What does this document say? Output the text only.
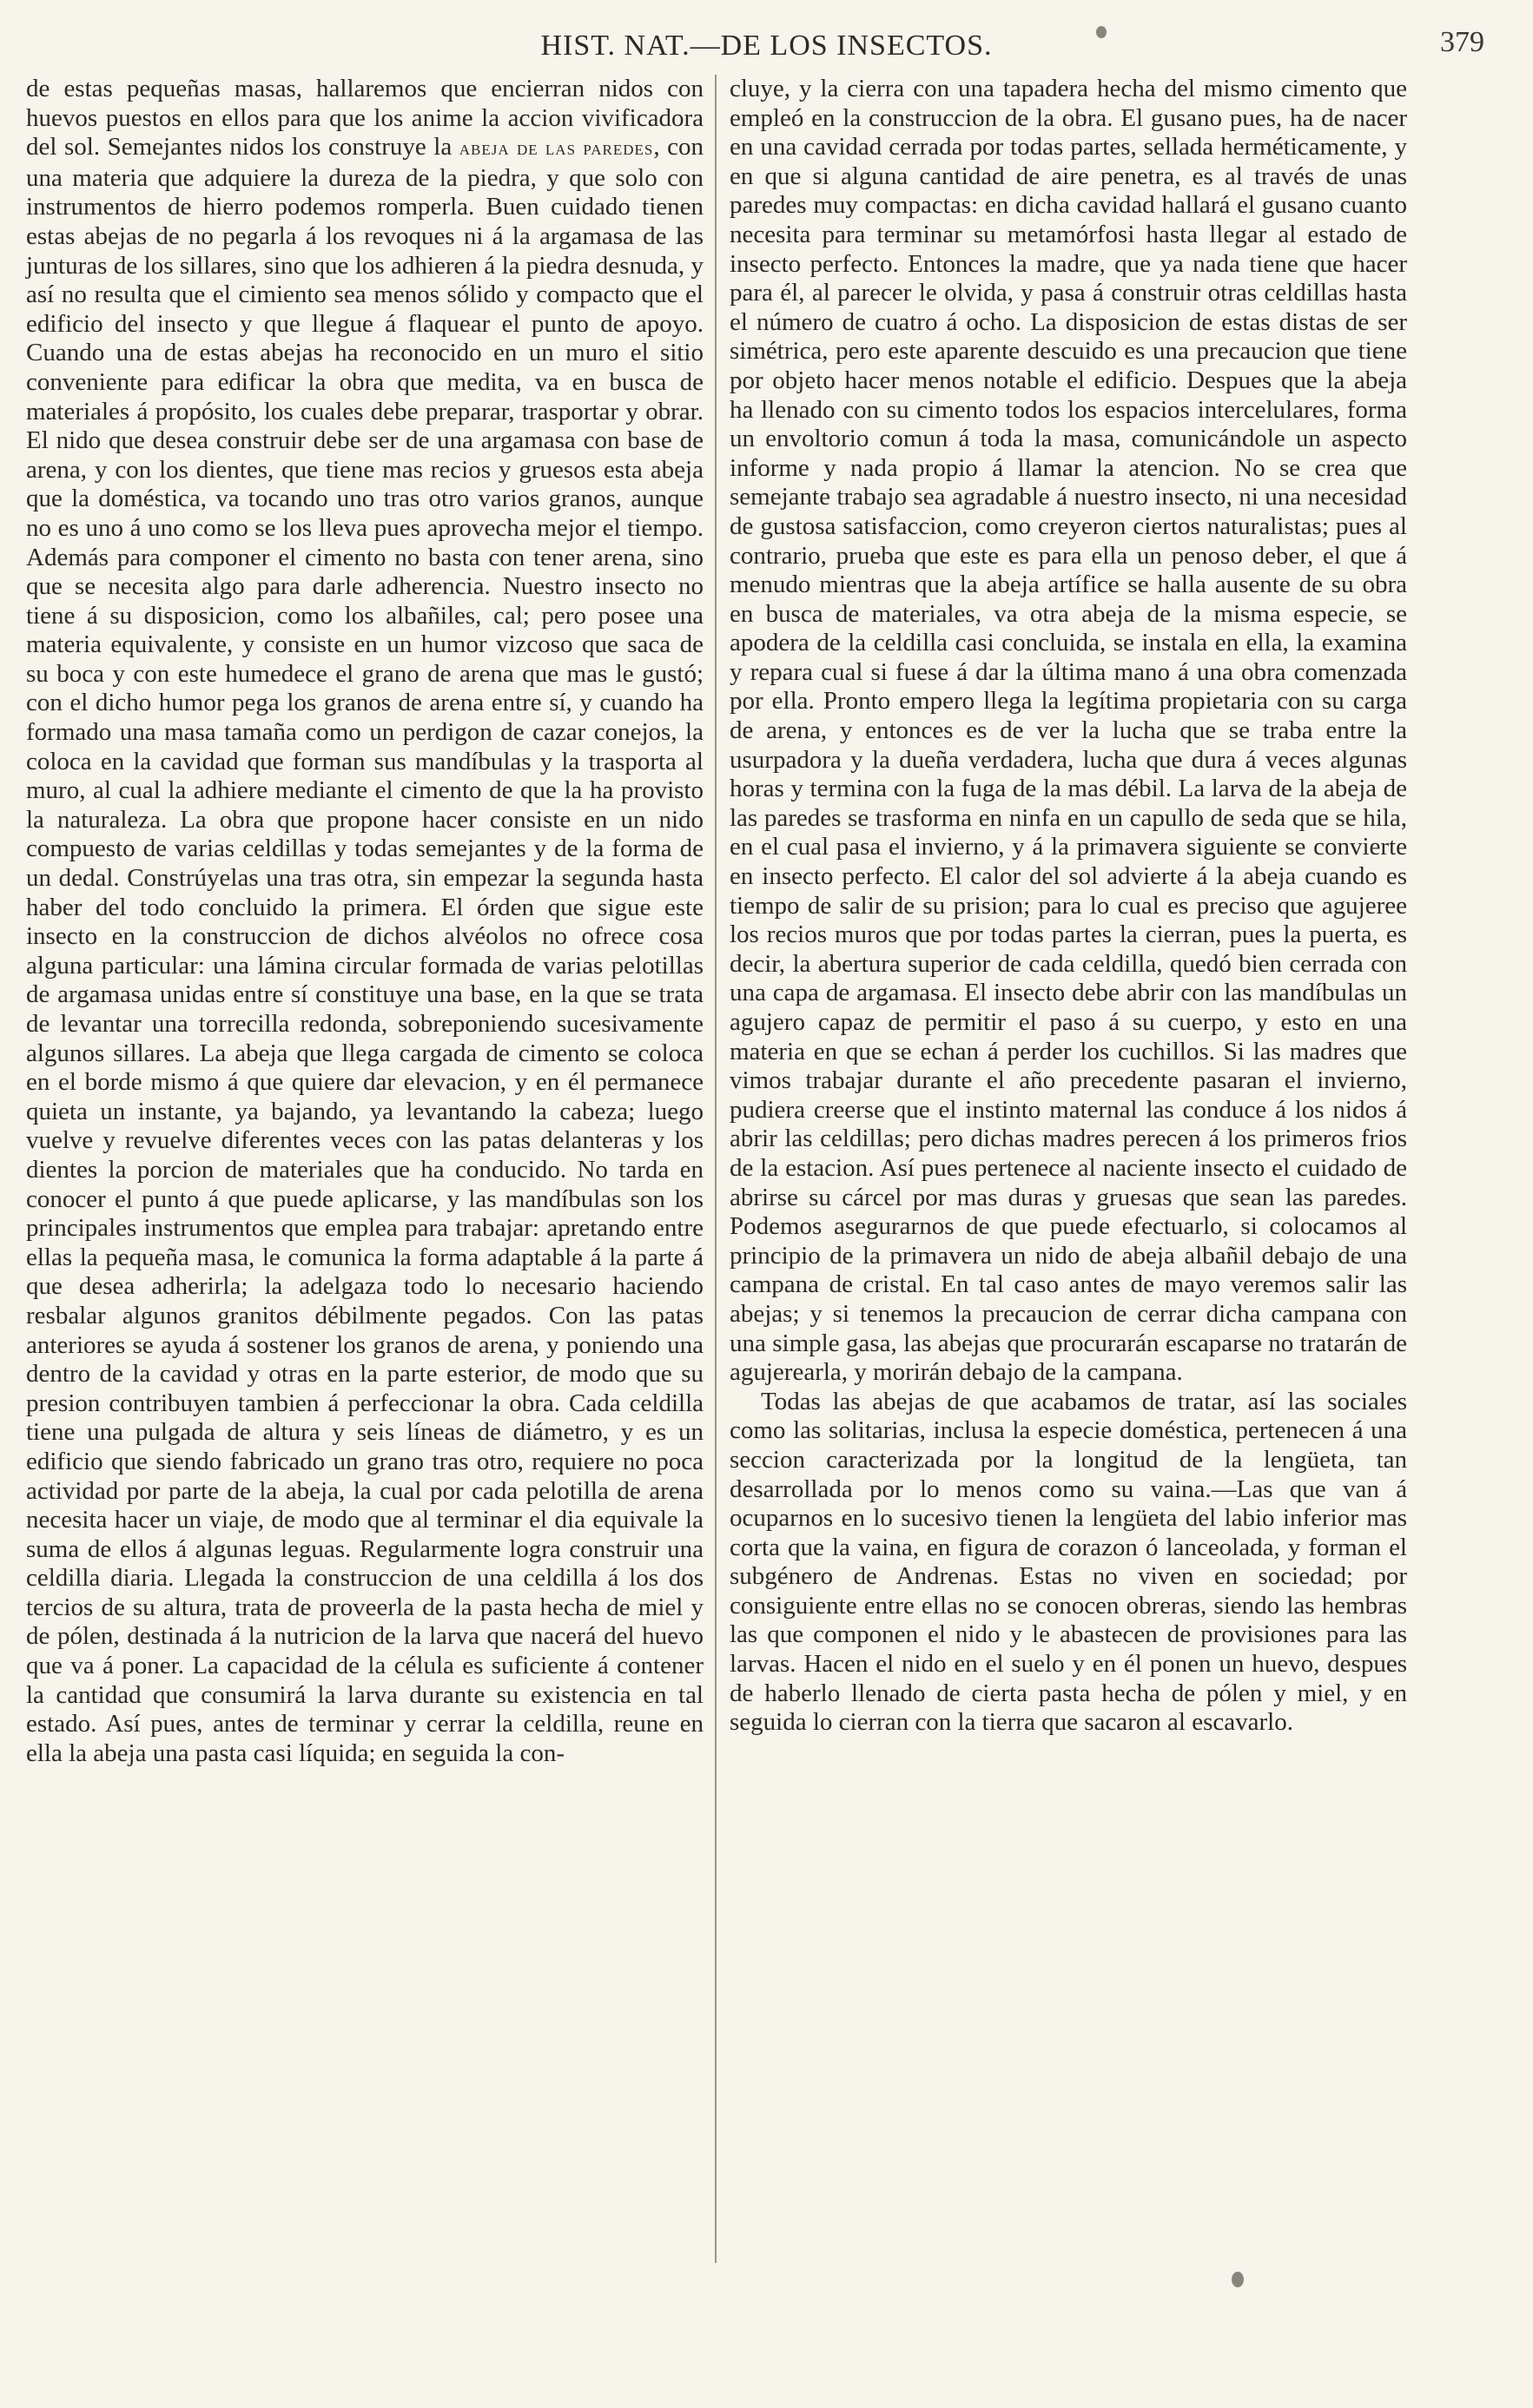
HIST. NAT.—DE LOS INSECTOS.	379

de estas pequeñas masas, hallaremos que encierran nidos con huevos puestos en ellos para que los anime la accion vivificadora del sol. Semejantes nidos los construye la abeja de las paredes, con una materia que adquiere la dureza de la piedra, y que solo con instrumentos de hierro podemos romperla. Buen cuidado tienen estas abejas de no pegarla á los revoques ni á la argamasa de las junturas de los sillares, sino que los adhieren á la piedra desnuda, y así no resulta que el cimiento sea menos sólido y compacto que el edificio del insecto y que llegue á flaquear el punto de apoyo. Cuando una de estas abejas ha reconocido en un muro el sitio conveniente para edificar la obra que medita, va en busca de materiales á propósito, los cuales debe preparar, trasportar y obrar. El nido que desea construir debe ser de una argamasa con base de arena, y con los dientes, que tiene mas recios y gruesos esta abeja que la doméstica, va tocando uno tras otro varios granos, aunque no es uno á uno como se los lleva pues aprovecha mejor el tiempo. Además para componer el cimento no basta con tener arena, sino que se necesita algo para darle adherencia. Nuestro insecto no tiene á su disposicion, como los albañiles, cal; pero posee una materia equivalente, y consiste en un humor vizcoso que saca de su boca y con este humedece el grano de arena que mas le gustó; con el dicho humor pega los granos de arena entre sí, y cuando ha formado una masa tamaña como un perdigon de cazar conejos, la coloca en la cavidad que forman sus mandíbulas y la trasporta al muro, al cual la adhiere mediante el cimento de que la ha provisto la naturaleza. La obra que propone hacer consiste en un nido compuesto de varias celdillas y todas semejantes y de la forma de un dedal. Constrúyelas una tras otra, sin empezar la segunda hasta haber del todo concluido la primera. El órden que sigue este insecto en la construccion de dichos alvéolos no ofrece cosa alguna particular: una lámina circular formada de varias pelotillas de argamasa unidas entre sí constituye una base, en la que se trata de levantar una torrecilla redonda, sobreponiendo sucesivamente algunos sillares. La abeja que llega cargada de cimento se coloca en el borde mismo á que quiere dar elevacion, y en él permanece quieta un instante, ya bajando, ya levantando la cabeza; luego vuelve y revuelve diferentes veces con las patas delanteras y los dientes la porcion de materiales que ha conducido. No tarda en conocer el punto á que puede aplicarse, y las mandíbulas son los principales instrumentos que emplea para trabajar: apretando entre ellas la pequeña masa, le comunica la forma adaptable á la parte á que desea adherirla; la adelgaza todo lo necesario haciendo resbalar algunos granitos débilmente pegados. Con las patas anteriores se ayuda á sostener los granos de arena, y poniendo una dentro de la cavidad y otras en la parte esterior, de modo que su presion contribuyen tambien á perfeccionar la obra. Cada celdilla tiene una pulgada de altura y seis líneas de diámetro, y es un edificio que siendo fabricado un grano tras otro, requiere no poca actividad por parte de la abeja, la cual por cada pelotilla de arena necesita hacer un viaje, de modo que al terminar el dia equivale la suma de ellos á algunas leguas. Regularmente logra construir una celdilla diaria. Llegada la construccion de una celdilla á los dos tercios de su altura, trata de proveerla de la pasta hecha de miel y de pólen, destinada á la nutricion de la larva que nacerá del huevo que va á poner. La capacidad de la célula es suficiente á contener la cantidad que consumirá la larva durante su existencia en tal estado. Así pues, antes de terminar y cerrar la celdilla, reune en ella la abeja una pasta casi líquida; en seguida la con-

cluye, y la cierra con una tapadera hecha del mismo cimento que empleó en la construccion de la obra. El gusano pues, ha de nacer en una cavidad cerrada por todas partes, sellada herméticamente, y en que si alguna cantidad de aire penetra, es al través de unas paredes muy compactas: en dicha cavidad hallará el gusano cuanto necesita para terminar su metamórfosi hasta llegar al estado de insecto perfecto. Entonces la madre, que ya nada tiene que hacer para él, al parecer le olvida, y pasa á construir otras celdillas hasta el número de cuatro á ocho. La disposicion de estas distas de ser simétrica, pero este aparente descuido es una precaucion que tiene por objeto hacer menos notable el edificio. Despues que la abeja ha llenado con su cimento todos los espacios intercelulares, forma un envoltorio comun á toda la masa, comunicándole un aspecto informe y nada propio á llamar la atencion. No se crea que semejante trabajo sea agradable á nuestro insecto, ni una necesidad de gustosa satisfaccion, como creyeron ciertos naturalistas; pues al contrario, prueba que este es para ella un penoso deber, el que á menudo mientras que la abeja artífice se halla ausente de su obra en busca de materiales, va otra abeja de la misma especie, se apodera de la celdilla casi concluida, se instala en ella, la examina y repara cual si fuese á dar la última mano á una obra comenzada por ella. Pronto empero llega la legítima propietaria con su carga de arena, y entonces es de ver la lucha que se traba entre la usurpadora y la dueña verdadera, lucha que dura á veces algunas horas y termina con la fuga de la mas débil. La larva de la abeja de las paredes se trasforma en ninfa en un capullo de seda que se hila, en el cual pasa el invierno, y á la primavera siguiente se convierte en insecto perfecto. El calor del sol advierte á la abeja cuando es tiempo de salir de su prision; para lo cual es preciso que agujeree los recios muros que por todas partes la cierran, pues la puerta, es decir, la abertura superior de cada celdilla, quedó bien cerrada con una capa de argamasa. El insecto debe abrir con las mandíbulas un agujero capaz de permitir el paso á su cuerpo, y esto en una materia en que se echan á perder los cuchillos. Si las madres que vimos trabajar durante el año precedente pasaran el invierno, pudiera creerse que el instinto maternal las conduce á los nidos á abrir las celdillas; pero dichas madres perecen á los primeros frios de la estacion. Así pues pertenece al naciente insecto el cuidado de abrirse su cárcel por mas duras y gruesas que sean las paredes. Podemos asegurarnos de que puede efectuarlo, si colocamos al principio de la primavera un nido de abeja albañil debajo de una campana de cristal. En tal caso antes de mayo veremos salir las abejas; y si tenemos la precaucion de cerrar dicha campana con una simple gasa, las abejas que procurarán escaparse no tratarán de agujerearla, y morirán debajo de la campana.

Todas las abejas de que acabamos de tratar, así las sociales como las solitarias, inclusa la especie doméstica, pertenecen á una seccion caracterizada por la longitud de la lengüeta, tan desarrollada por lo menos como su vaina.—Las que van á ocuparnos en lo sucesivo tienen la lengüeta del labio inferior mas corta que la vaina, en figura de corazon ó lanceolada, y forman el subgénero de Andrenas. Estas no viven en sociedad; por consiguiente entre ellas no se conocen obreras, siendo las hembras las que componen el nido y le abastecen de provisiones para las larvas. Hacen el nido en el suelo y en él ponen un huevo, despues de haberlo llenado de cierta pasta hecha de pólen y miel, y en seguida lo cierran con la tierra que sacaron al escavarlo.
